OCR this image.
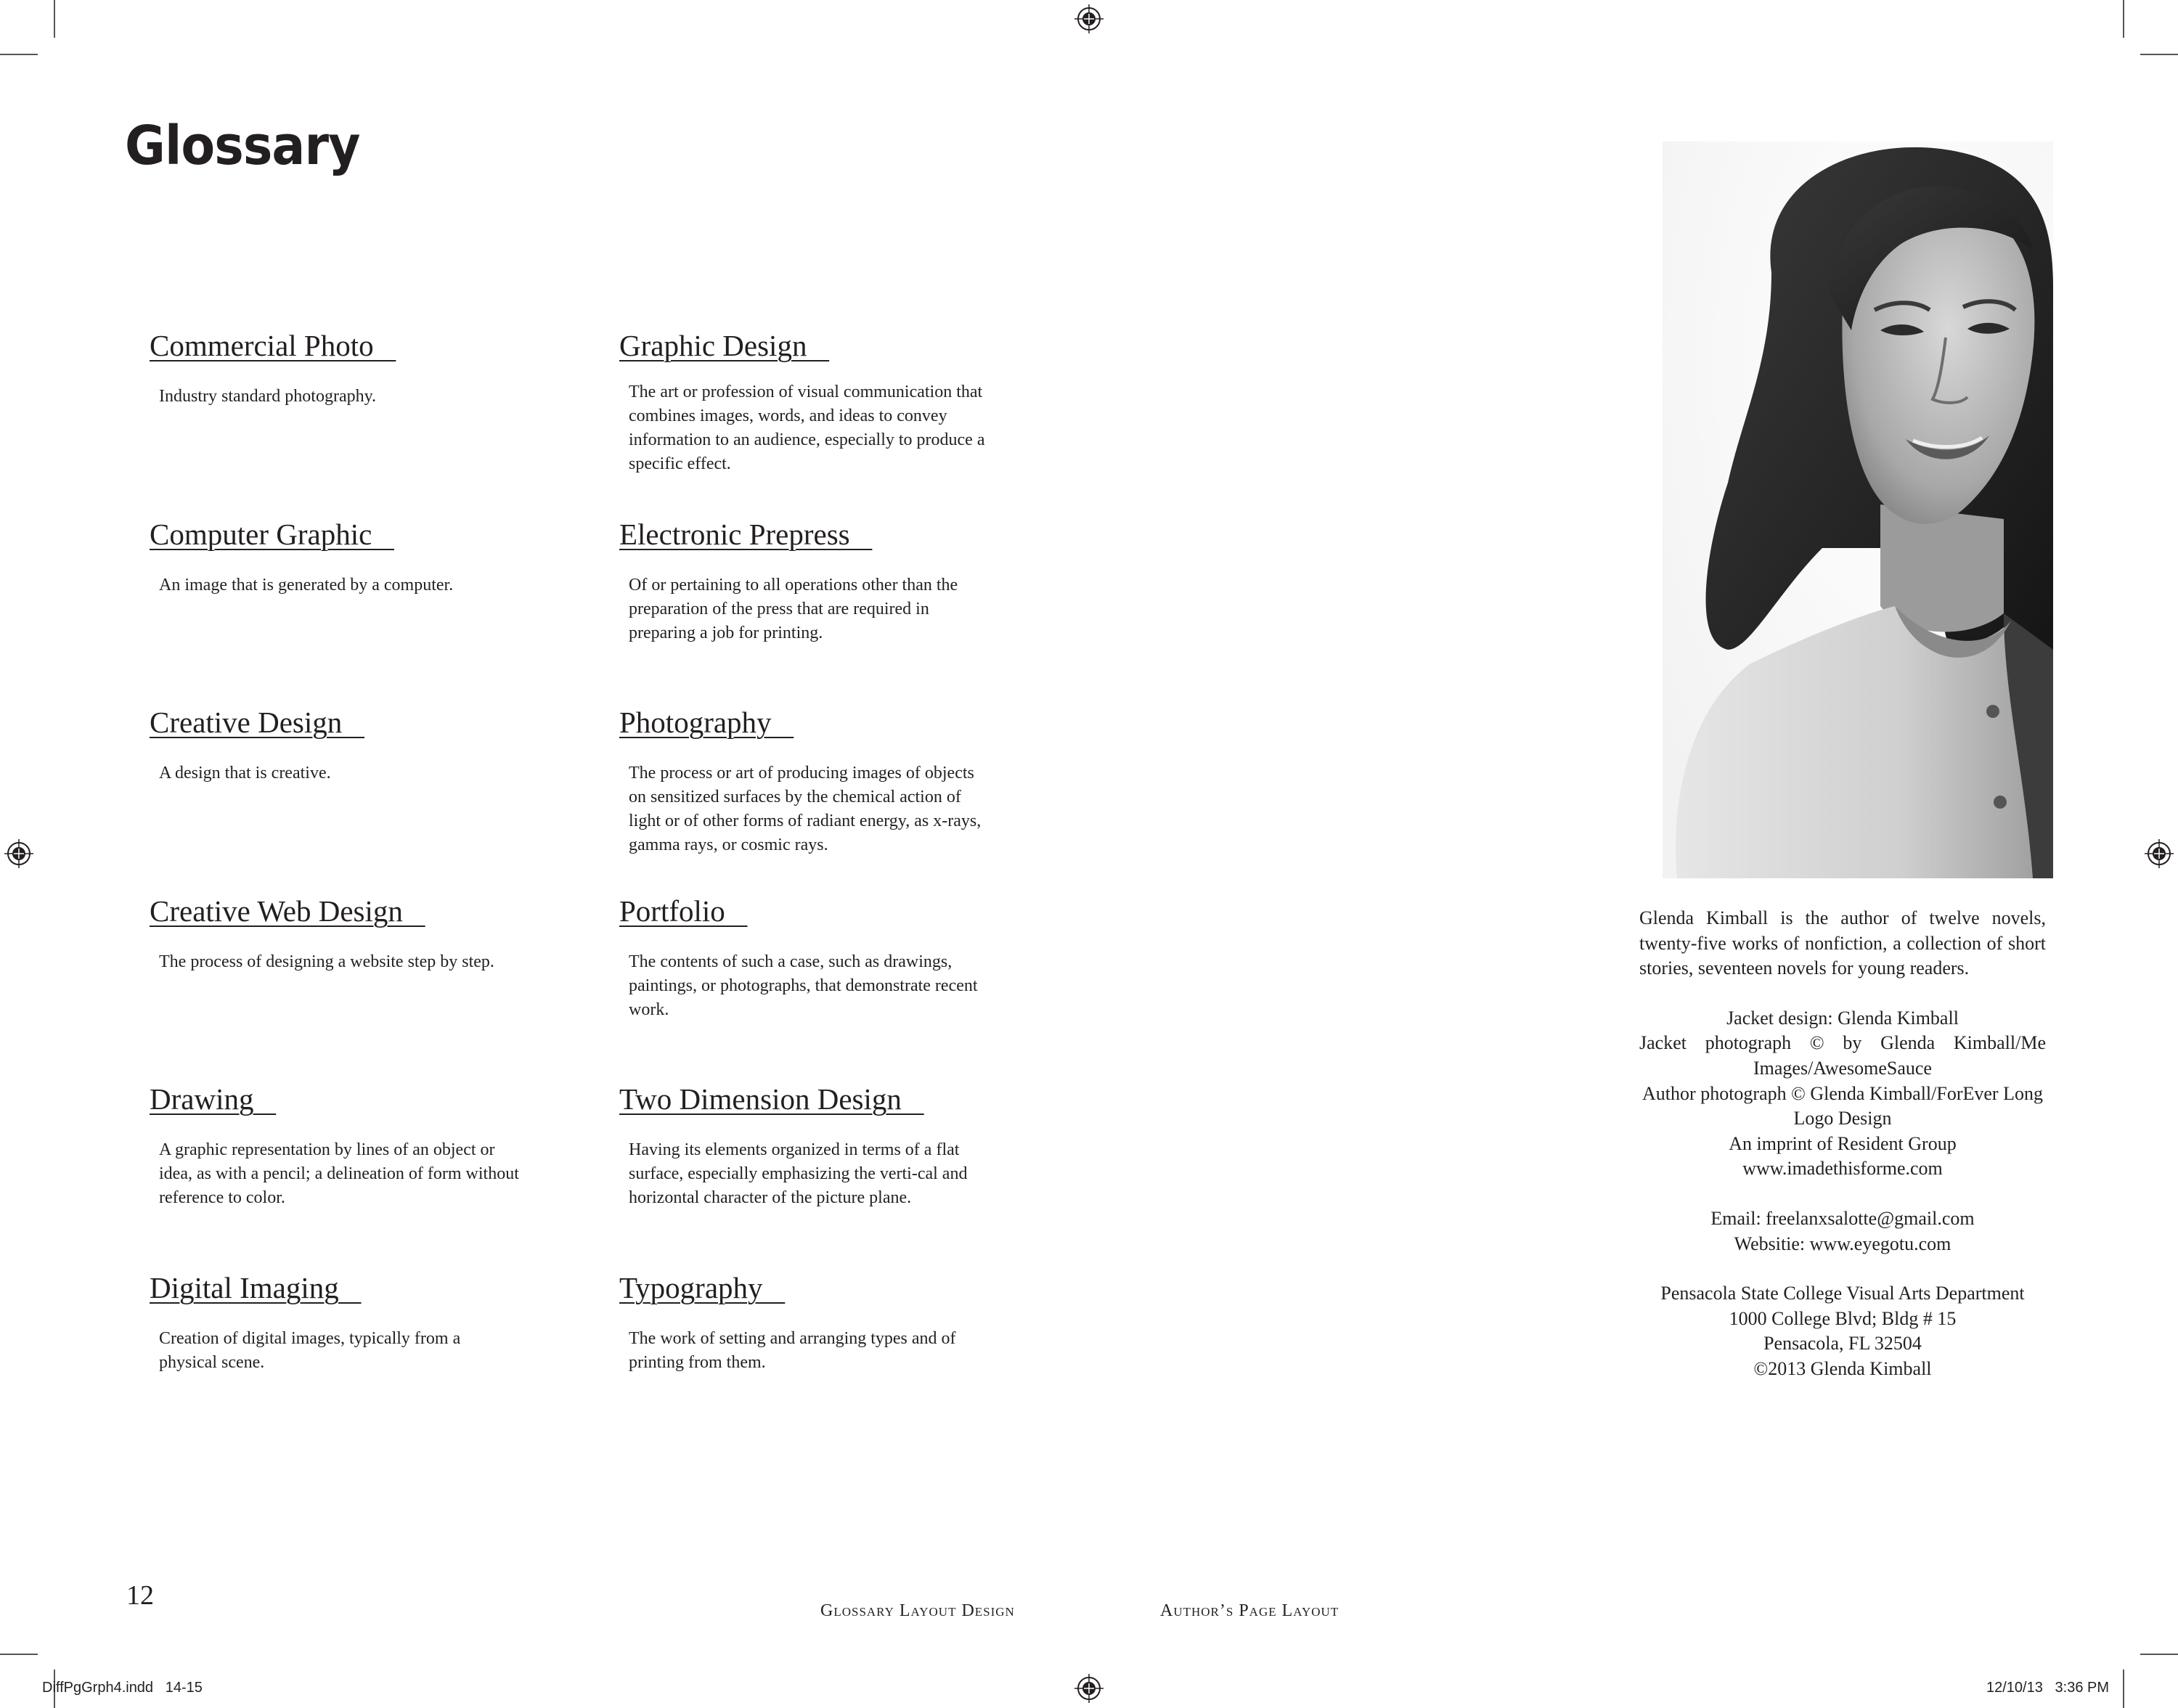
Glossary

Commercial Photo

Industry standard photography.

Computer Graphic

An image that is generated by a computer.

Creative Design

A design that is creative.

Creative Web Design

The process of designing a website step by step.

Drawing

A graphic representation by lines of an object or idea, as with a pencil; a delineation of form without reference to color.

Digital Imaging

Creation of digital images, typically from a physical scene.

Graphic Design

The art or profession of visual communication that combines images, words, and ideas to convey information to an audience, especially to produce a specific effect.

Electronic Prepress

Of or pertaining to all operations other than the preparation of the press that are required in preparing a job for printing.

Photography

The process or art of producing images of objects on sensitized surfaces by the chemical action of light or of other forms of radiant energy, as x-rays, gamma rays, or cosmic rays.

Portfolio

The contents of such a case, such as drawings, paintings, or photographs, that demonstrate recent work.

Two Dimension Design

Having its elements organized in terms of a flat surface, especially emphasizing the verti-cal and horizontal character of the picture plane.

Typography

The work of setting and arranging types and of printing from them.

Glenda Kimball is the author of twelve novels, twenty-five works of nonfiction, a collection of short stories, seventeen novels for young readers.

Jacket design: Glenda Kimball
Jacket photograph © by Glenda Kimball/Me Images/AwesomeSauce
Author photograph © Glenda Kimball/ForEver Long
Logo Design
An imprint of Resident Group
www.imadethisforme.com
Email: freelanxsalotte@gmail.com
Websitie: www.eyegotu.com
Pensacola State College Visual Arts Department
1000 College Blvd; Bldg # 15
Pensacola, FL 32504
©2013 Glenda Kimball
12	Glossary Layout Design	Author’s Page Layout
DiffPgGrph4.indd   14-15	12/10/13   3:36 PM
